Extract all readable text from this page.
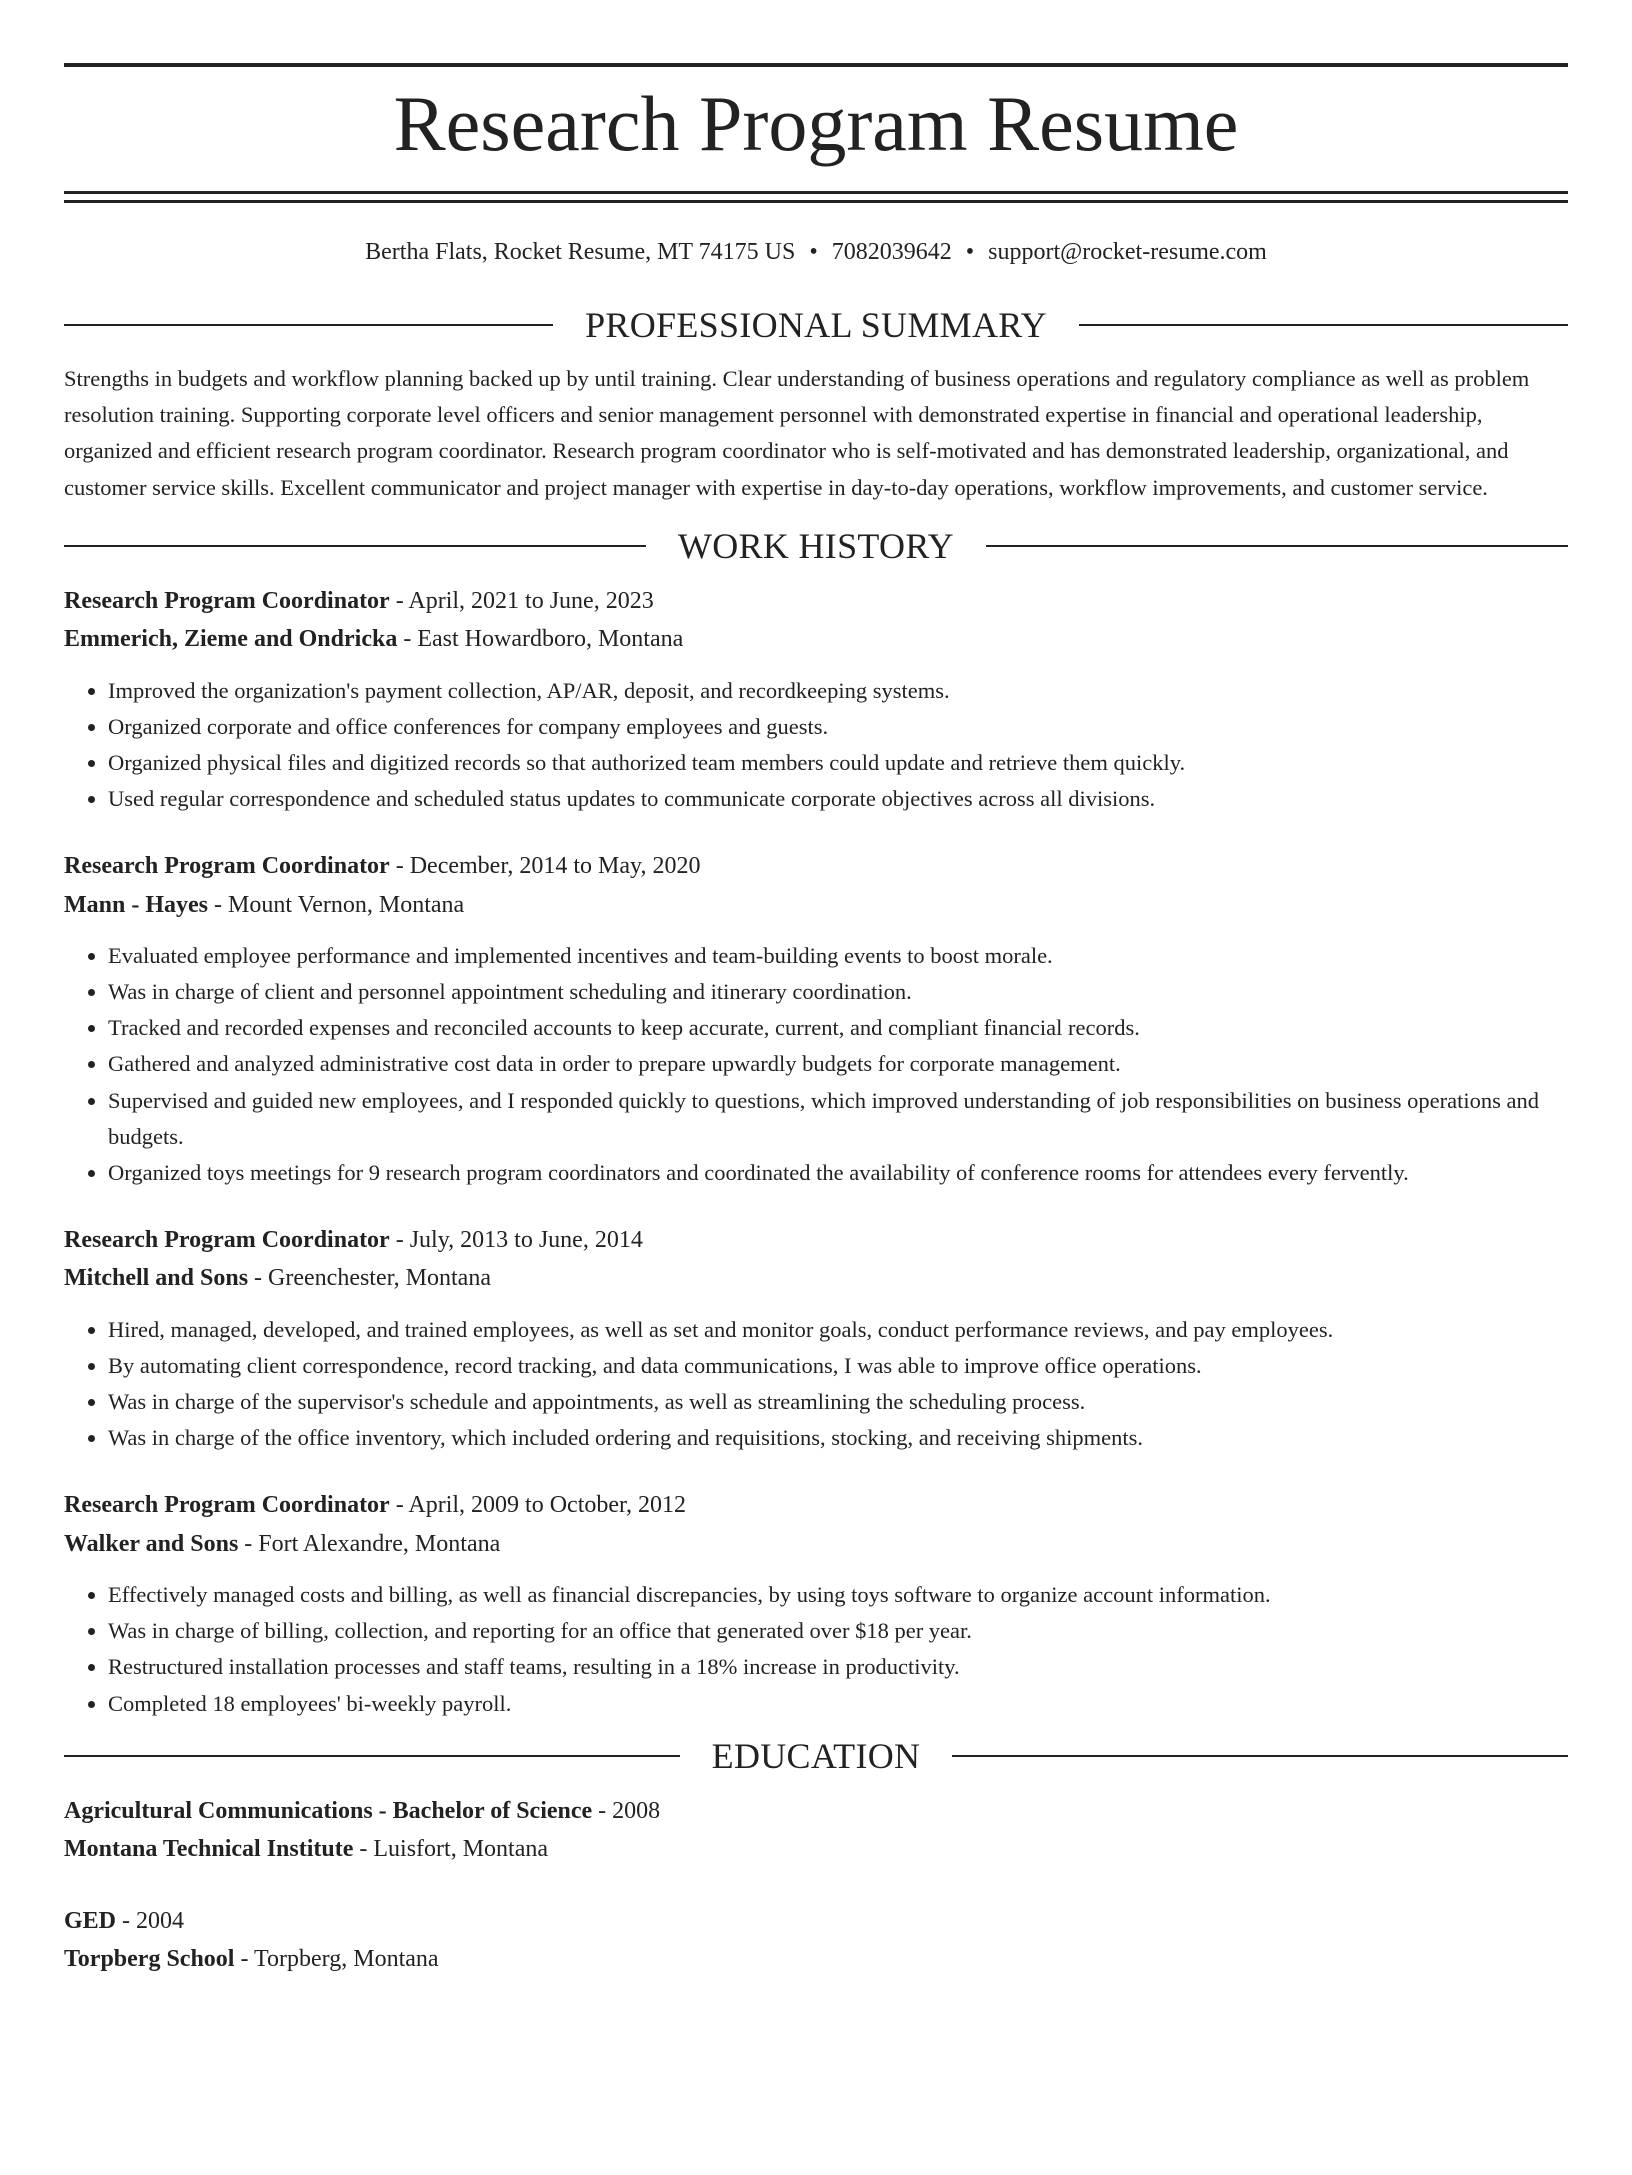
Research Program Resume
Bertha Flats, Rocket Resume, MT 74175 US • 7082039642 • support@rocket-resume.com
PROFESSIONAL SUMMARY

Strengths in budgets and workflow planning backed up by until training. Clear understanding of business operations and regulatory compliance as well as problem resolution training. Supporting corporate level officers and senior management personnel with demonstrated expertise in financial and operational leadership, organized and efficient research program coordinator. Research program coordinator who is self-motivated and has demonstrated leadership, organizational, and customer service skills. Excellent communicator and project manager with expertise in day-to-day operations, workflow improvements, and customer service.

WORK HISTORY
Research Program Coordinator - April, 2021 to June, 2023
Emmerich, Zieme and Ondricka - East Howardboro, Montana
• Improved the organization's payment collection, AP/AR, deposit, and recordkeeping systems.
• Organized corporate and office conferences for company employees and guests.
• Organized physical files and digitized records so that authorized team members could update and retrieve them quickly.
• Used regular correspondence and scheduled status updates to communicate corporate objectives across all divisions.
Research Program Coordinator - December, 2014 to May, 2020
Mann - Hayes - Mount Vernon, Montana
• Evaluated employee performance and implemented incentives and team-building events to boost morale.
• Was in charge of client and personnel appointment scheduling and itinerary coordination.
• Tracked and recorded expenses and reconciled accounts to keep accurate, current, and compliant financial records.
• Gathered and analyzed administrative cost data in order to prepare upwardly budgets for corporate management.
• Supervised and guided new employees, and I responded quickly to questions, which improved understanding of job responsibilities on business operations and budgets.
• Organized toys meetings for 9 research program coordinators and coordinated the availability of conference rooms for attendees every fervently.
Research Program Coordinator - July, 2013 to June, 2014
Mitchell and Sons - Greenchester, Montana
• Hired, managed, developed, and trained employees, as well as set and monitor goals, conduct performance reviews, and pay employees.
• By automating client correspondence, record tracking, and data communications, I was able to improve office operations.
• Was in charge of the supervisor's schedule and appointments, as well as streamlining the scheduling process.
• Was in charge of the office inventory, which included ordering and requisitions, stocking, and receiving shipments.
Research Program Coordinator - April, 2009 to October, 2012
Walker and Sons - Fort Alexandre, Montana
• Effectively managed costs and billing, as well as financial discrepancies, by using toys software to organize account information.
• Was in charge of billing, collection, and reporting for an office that generated over $18 per year.
• Restructured installation processes and staff teams, resulting in a 18% increase in productivity.
• Completed 18 employees' bi-weekly payroll.
EDUCATION
Agricultural Communications - Bachelor of Science - 2008
Montana Technical Institute - Luisfort, Montana
GED - 2004
Torpberg School - Torpberg, Montana
